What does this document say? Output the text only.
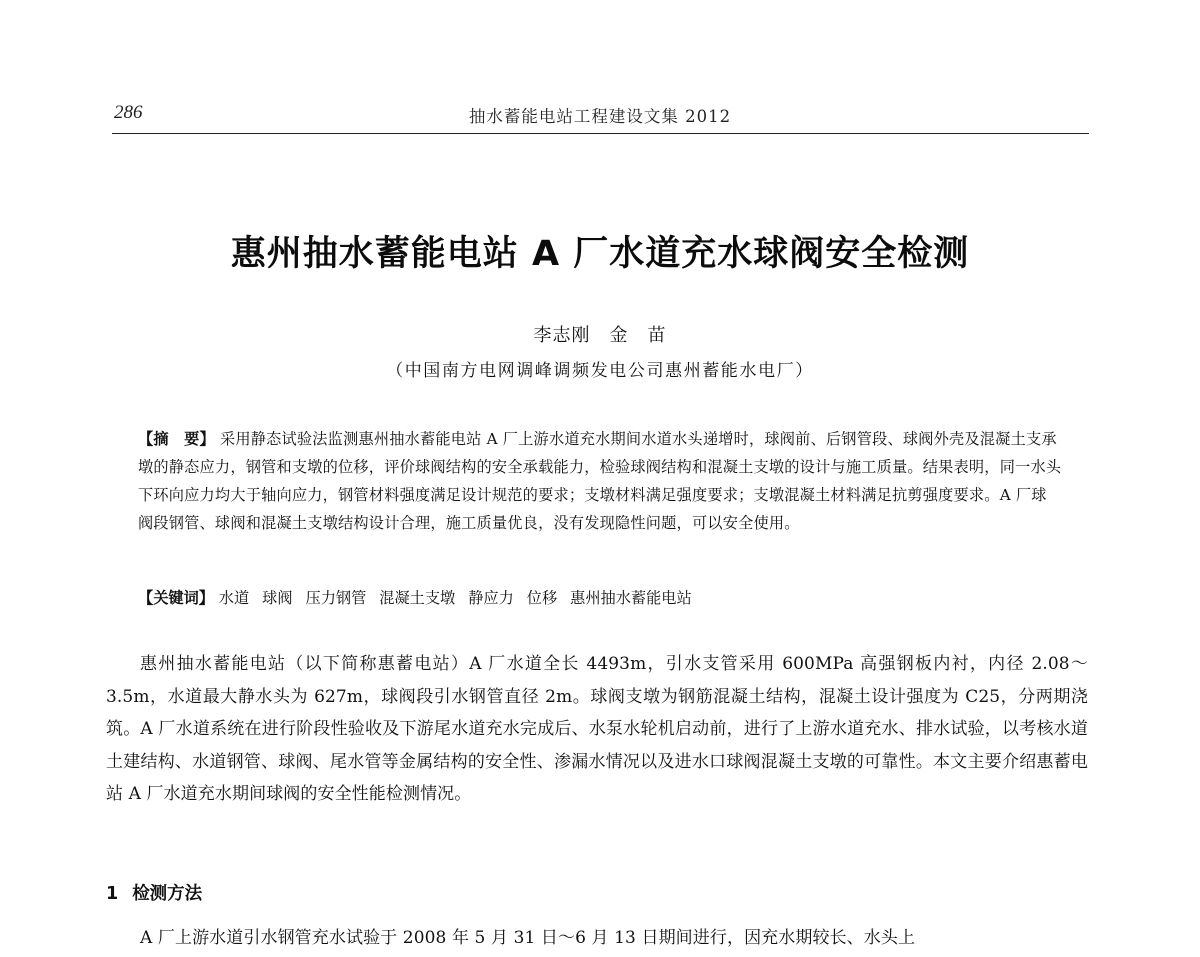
286	抽水蓄能电站工程建设文集 2012
惠州抽水蓄能电站 A 厂水道充水球阀安全检测
李志刚　金　苗
（中国南方电网调峰调频发电公司惠州蓄能水电厂）

【摘　要】 采用静态试验法监测惠州抽水蓄能电站 A 厂上游水道充水期间水道水头递增时，球阀前、后钢管段、球阀外壳及混凝土支承墩的静态应力，钢管和支墩的位移，评价球阀结构的安全承载能力，检验球阀结构和混凝土支墩的设计与施工质量。结果表明，同一水头下环向应力均大于轴向应力，钢管材料强度满足设计规范的要求；支墩材料满足强度要求；支墩混凝土材料满足抗剪强度要求。A 厂球阀段钢管、球阀和混凝土支墩结构设计合理，施工质量优良，没有发现隐性问题，可以安全使用。

【关键词】 水道 球阀 压力钢管 混凝土支墩 静应力 位移 惠州抽水蓄能电站

惠州抽水蓄能电站（以下简称惠蓄电站）A 厂水道全长 4493m，引水支管采用 600MPa 高强钢板内衬，内径 2.08～3.5m，水道最大静水头为 627m，球阀段引水钢管直径 2m。球阀支墩为钢筋混凝土结构，混凝土设计强度为 C25，分两期浇筑。A 厂水道系统在进行阶段性验收及下游尾水道充水完成后、水泵水轮机启动前，进行了上游水道充水、排水试验，以考核水道土建结构、水道钢管、球阀、尾水管等金属结构的安全性、渗漏水情况以及进水口球阀混凝土支墩的可靠性。本文主要介绍惠蓄电站 A 厂水道充水期间球阀的安全性能检测情况。

1 检测方法

A 厂上游水道引水钢管充水试验于 2008 年 5 月 31 日～6 月 13 日期间进行，因充水期较长、水头上
